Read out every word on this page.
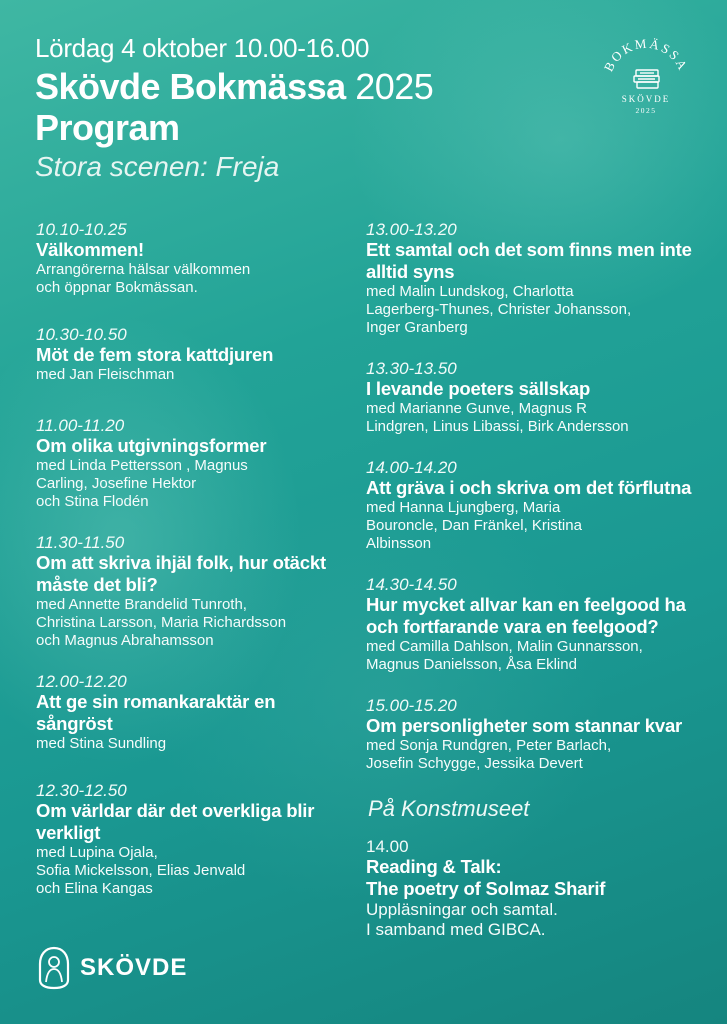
Lördag 4 oktober 10.00-16.00
Skövde Bokmässa 2025
Program
Stora scenen: Freja
BOKMÄSSA
SKÖVDE
2025
10.10-10.25
Välkommen!
Arrangörerna hälsar välkommen
och öppnar Bokmässan.
10.30-10.50
Möt de fem stora kattdjuren
med Jan Fleischman
11.00-11.20
Om olika utgivningsformer
med Linda Pettersson , Magnus
Carling, Josefine Hektor
och Stina Flodén
11.30-11.50
Om att skriva ihjäl folk, hur otäckt måste det bli?
med Annette Brandelid Tunroth,
Christina Larsson, Maria Richardsson
och Magnus Abrahamsson
12.00-12.20
Att ge sin romankaraktär en sångröst
med Stina Sundling
12.30-12.50
Om världar där det overkliga blir verkligt
med Lupina Ojala,
Sofia Mickelsson, Elias Jenvald
och Elina Kangas
13.00-13.20
Ett samtal och det som finns men inte alltid syns
med Malin Lundskog, Charlotta
Lagerberg-Thunes, Christer Johansson,
Inger Granberg
13.30-13.50
I levande poeters sällskap
med Marianne Gunve, Magnus R
Lindgren, Linus Libassi, Birk Andersson
14.00-14.20
Att gräva i och skriva om det förflutna
med Hanna Ljungberg, Maria
Bouroncle, Dan Fränkel, Kristina
Albinsson
14.30-14.50
Hur mycket allvar kan en feelgood ha och fortfarande vara en feelgood?
med Camilla Dahlson, Malin Gunnarsson,
Magnus Danielsson, Åsa Eklind
15.00-15.20
Om personligheter som stannar kvar
med Sonja Rundgren, Peter Barlach,
Josefin Schygge, Jessika Devert
På Konstmuseet
14.00
Reading & Talk:
The poetry of Solmaz Sharif
Uppläsningar och samtal.
I samband med GIBCA.
SKÖVDE
